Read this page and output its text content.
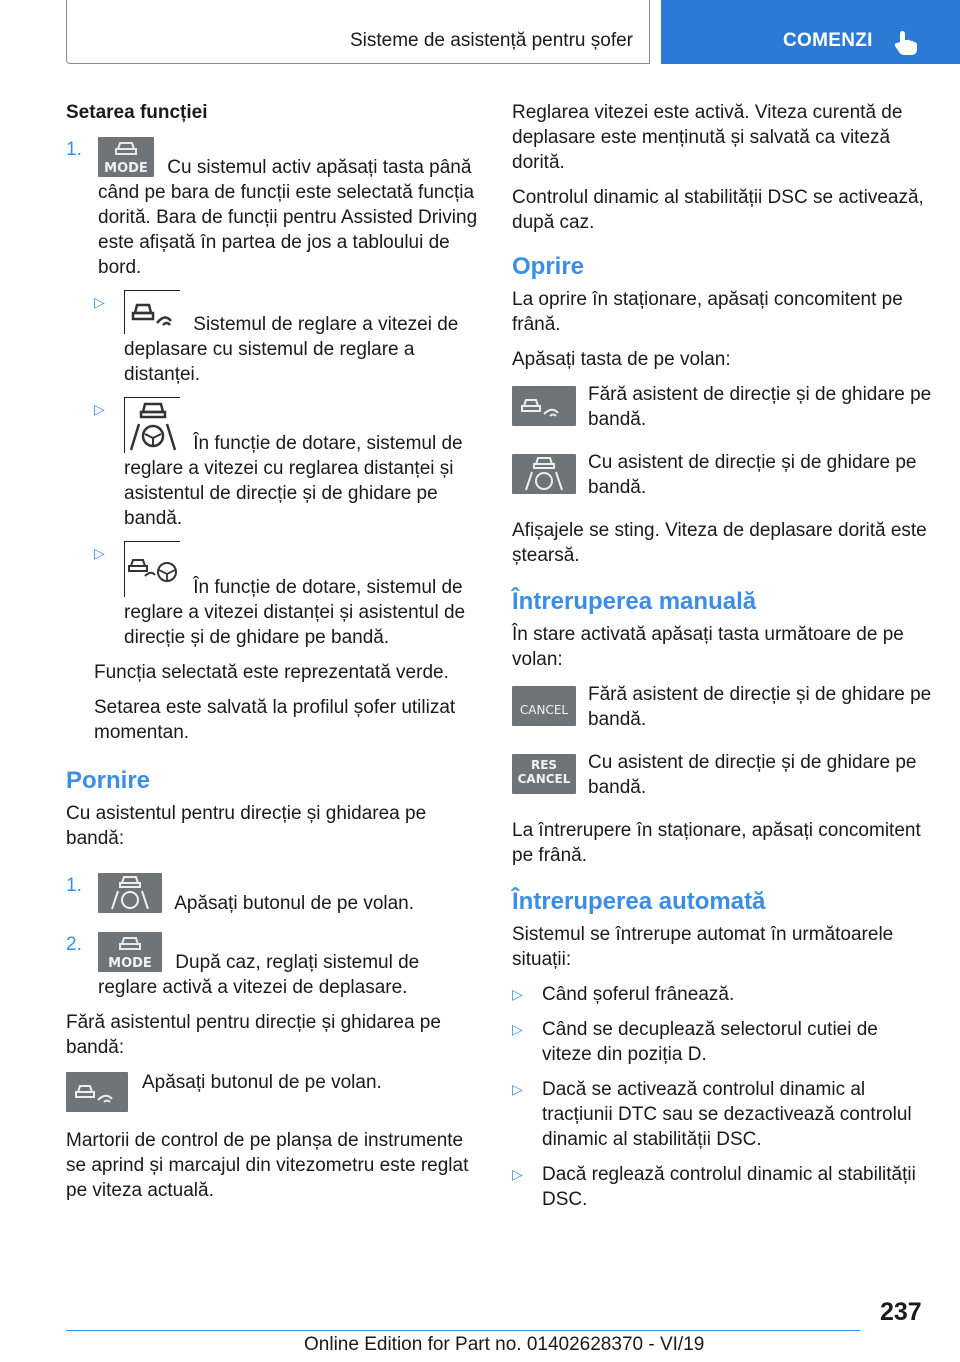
Sisteme de asistență pentru șofer	COMENZI
Setarea funcției
1.
MODE	Cu sistemul activ apăsați tasta până când pe bara de funcții este selectată funcția dorită. Bara de funcții pentru Assisted Driving este afișată în partea de jos a tabloului de bord.
▷
Sistemul de reglare a vitezei de deplasare cu sistemul de reglare a distanței.
▷
În funcție de dotare, sistemul de reglare a vitezei cu reglarea distanței și asistentul de direcție și de ghidare pe bandă.
▷
În funcție de dotare, sistemul de reglare a vitezei distanței și asistentul de direcție și de ghidare pe bandă.

Funcția selectată este reprezentată verde.

Setarea este salvată la profilul șofer utilizat momentan.

Pornire

Cu asistentul pentru direcție și ghidarea pe bandă:

1.
Apăsați butonul de pe volan.
2.
MODE	După caz, reglați sistemul de reglare activă a vitezei de deplasare.

Fără asistentul pentru direcție și ghidarea pe bandă:

Apăsați butonul de pe volan.

Martorii de control de pe planșa de instrumente se aprind și marcajul din vitezometru este reglat pe viteza actuală.

Reglarea vitezei este activă. Viteza curentă de deplasare este menținută și salvată ca viteză dorită.

Controlul dinamic al stabilității DSC se activează, după caz.

Oprire

La oprire în staționare, apăsați concomitent pe frână.

Apăsați tasta de pe volan:

Fără asistent de direcție și de ghidare pe bandă.
Cu asistent de direcție și de ghidare pe bandă.

Afișajele se sting. Viteza de deplasare dorită este ștearsă.

Întreruperea manuală

În stare activată apăsați tasta următoare de pe volan:

CANCEL
Fără asistent de direcție și de ghidare pe bandă.
RES
CANCEL
Cu asistent de direcție și de ghidare pe bandă.

La întrerupere în staționare, apăsați concomitent pe frână.

Întreruperea automată

Sistemul se întrerupe automat în următoarele situații:

▷ Când șoferul frânează.
▷ Când se decuplează selectorul cutiei de viteze din poziția D.
▷ Dacă se activează controlul dinamic al tracțiunii DTC sau se dezactivează controlul dinamic al stabilității DSC.
▷ Dacă reglează controlul dinamic al stabilității DSC.
237
Online Edition for Part no. 01402628370 - VI/19
